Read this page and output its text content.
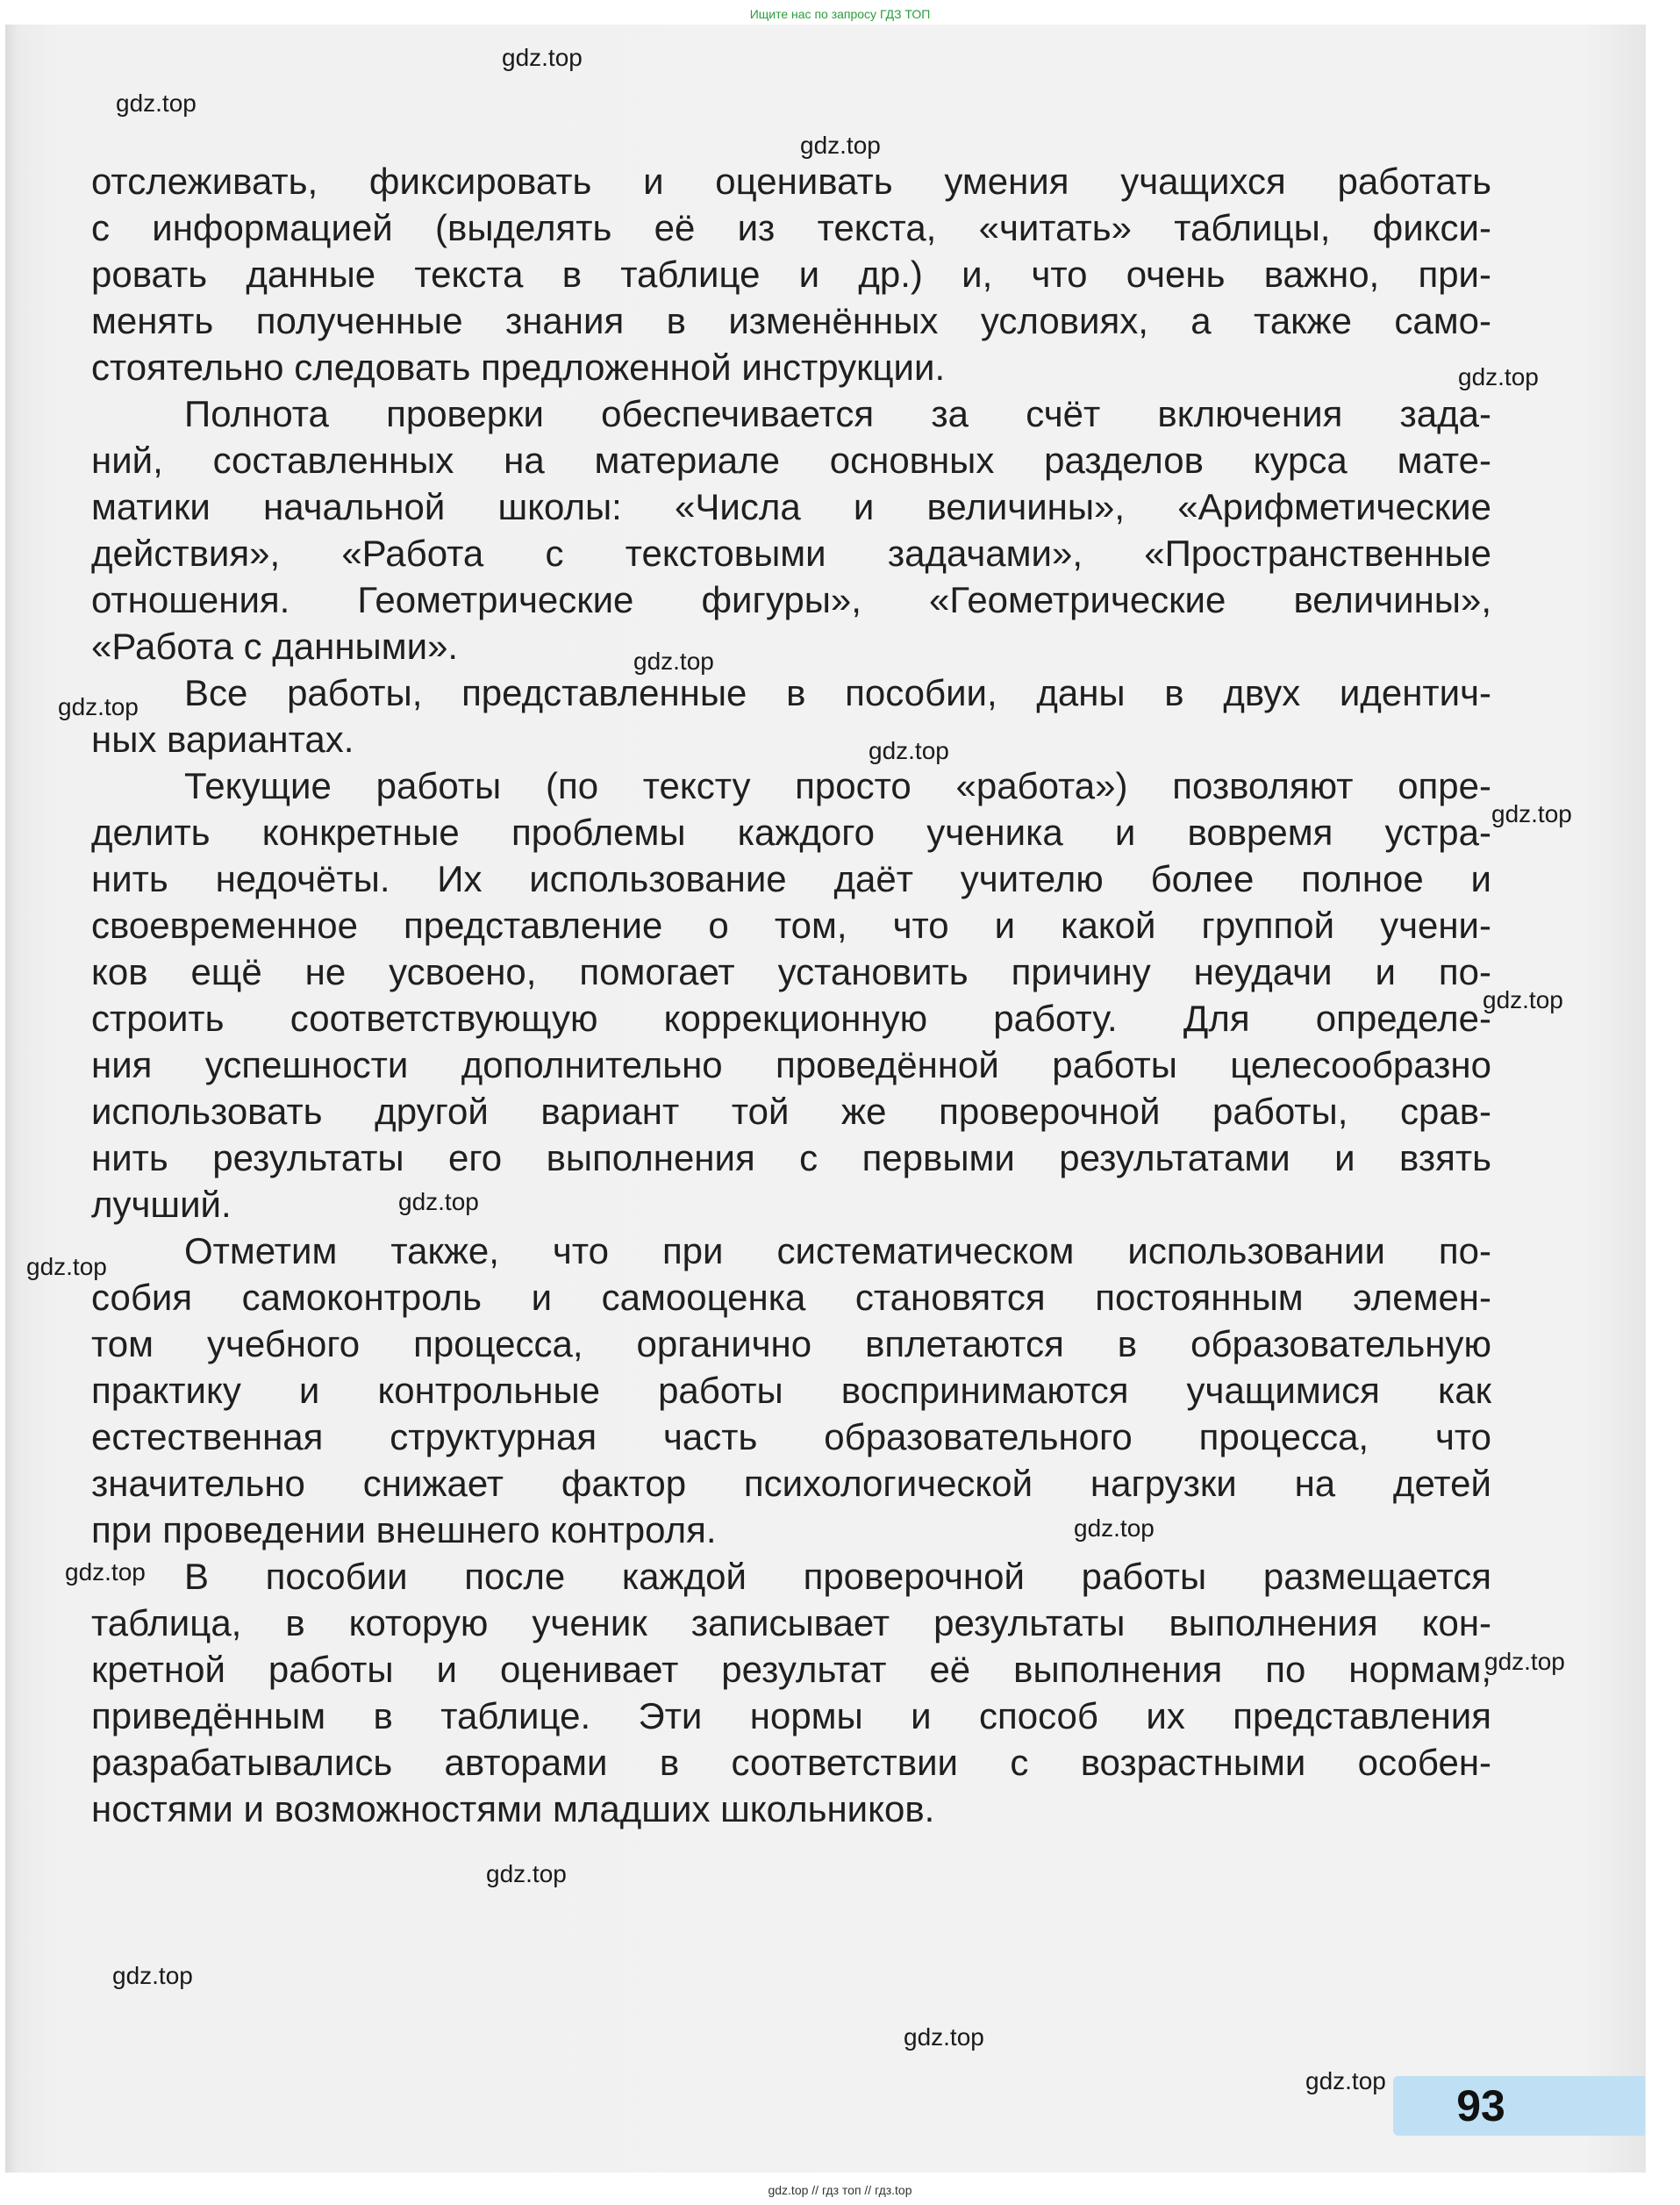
Ищите нас по запросу ГДЗ ТОП

отслеживать, фиксировать и оценивать умения учащихся работать
с информацией (выделять её из текста, «читать» таблицы, фикси-
ровать данные текста в таблице и др.) и, что очень важно, при-
менять полученные знания в изменённых условиях, а также само-
стоятельно следовать предложенной инструкции.

Полнота проверки обеспечивается за счёт включения зада-
ний, составленных на материале основных разделов курса мате-
матики начальной школы: «Числа и величины», «Арифметические
действия», «Работа с текстовыми задачами», «Пространственные
отношения. Геометрические фигуры», «Геометрические величины»,
«Работа с данными».

Все работы, представленные в пособии, даны в двух идентич-
ных вариантах.

Текущие работы (по тексту просто «работа») позволяют опре-
делить конкретные проблемы каждого ученика и вовремя устра-
нить недочёты. Их использование даёт учителю более полное и
своевременное представление о том, что и какой группой учени-
ков ещё не усвоено, помогает установить причину неудачи и по-
строить соответствующую коррекционную работу. Для определе-
ния успешности дополнительно проведённой работы целесообразно
использовать другой вариант той же проверочной работы, срав-
нить результаты его выполнения с первыми результатами и взять
лучший.

Отметим также, что при систематическом использовании по-
собия самоконтроль и самооценка становятся постоянным элемен-
том учебного процесса, органично вплетаются в образовательную
практику и контрольные работы воспринимаются учащимися как
естественная структурная часть образовательного процесса, что
значительно снижает фактор психологической нагрузки на детей
при проведении внешнего контроля.

В пособии после каждой проверочной работы размещается
таблица, в которую ученик записывает результаты выполнения кон-
кретной работы и оценивает результат её выполнения по нормам,
приведённым в таблице. Эти нормы и способ их представления
разрабатывались авторами в соответствии с возрастными особен-
ностями и возможностями младших школьников.

gdz.top
gdz.top
gdz.top
gdz.top
gdz.top
gdz.top
gdz.top
gdz.top
gdz.top
gdz.top
gdz.top
gdz.top
gdz.top
gdz.top
gdz.top
gdz.top
gdz.top
gdz.top
93
gdz.top // гдз топ // гдз.top
